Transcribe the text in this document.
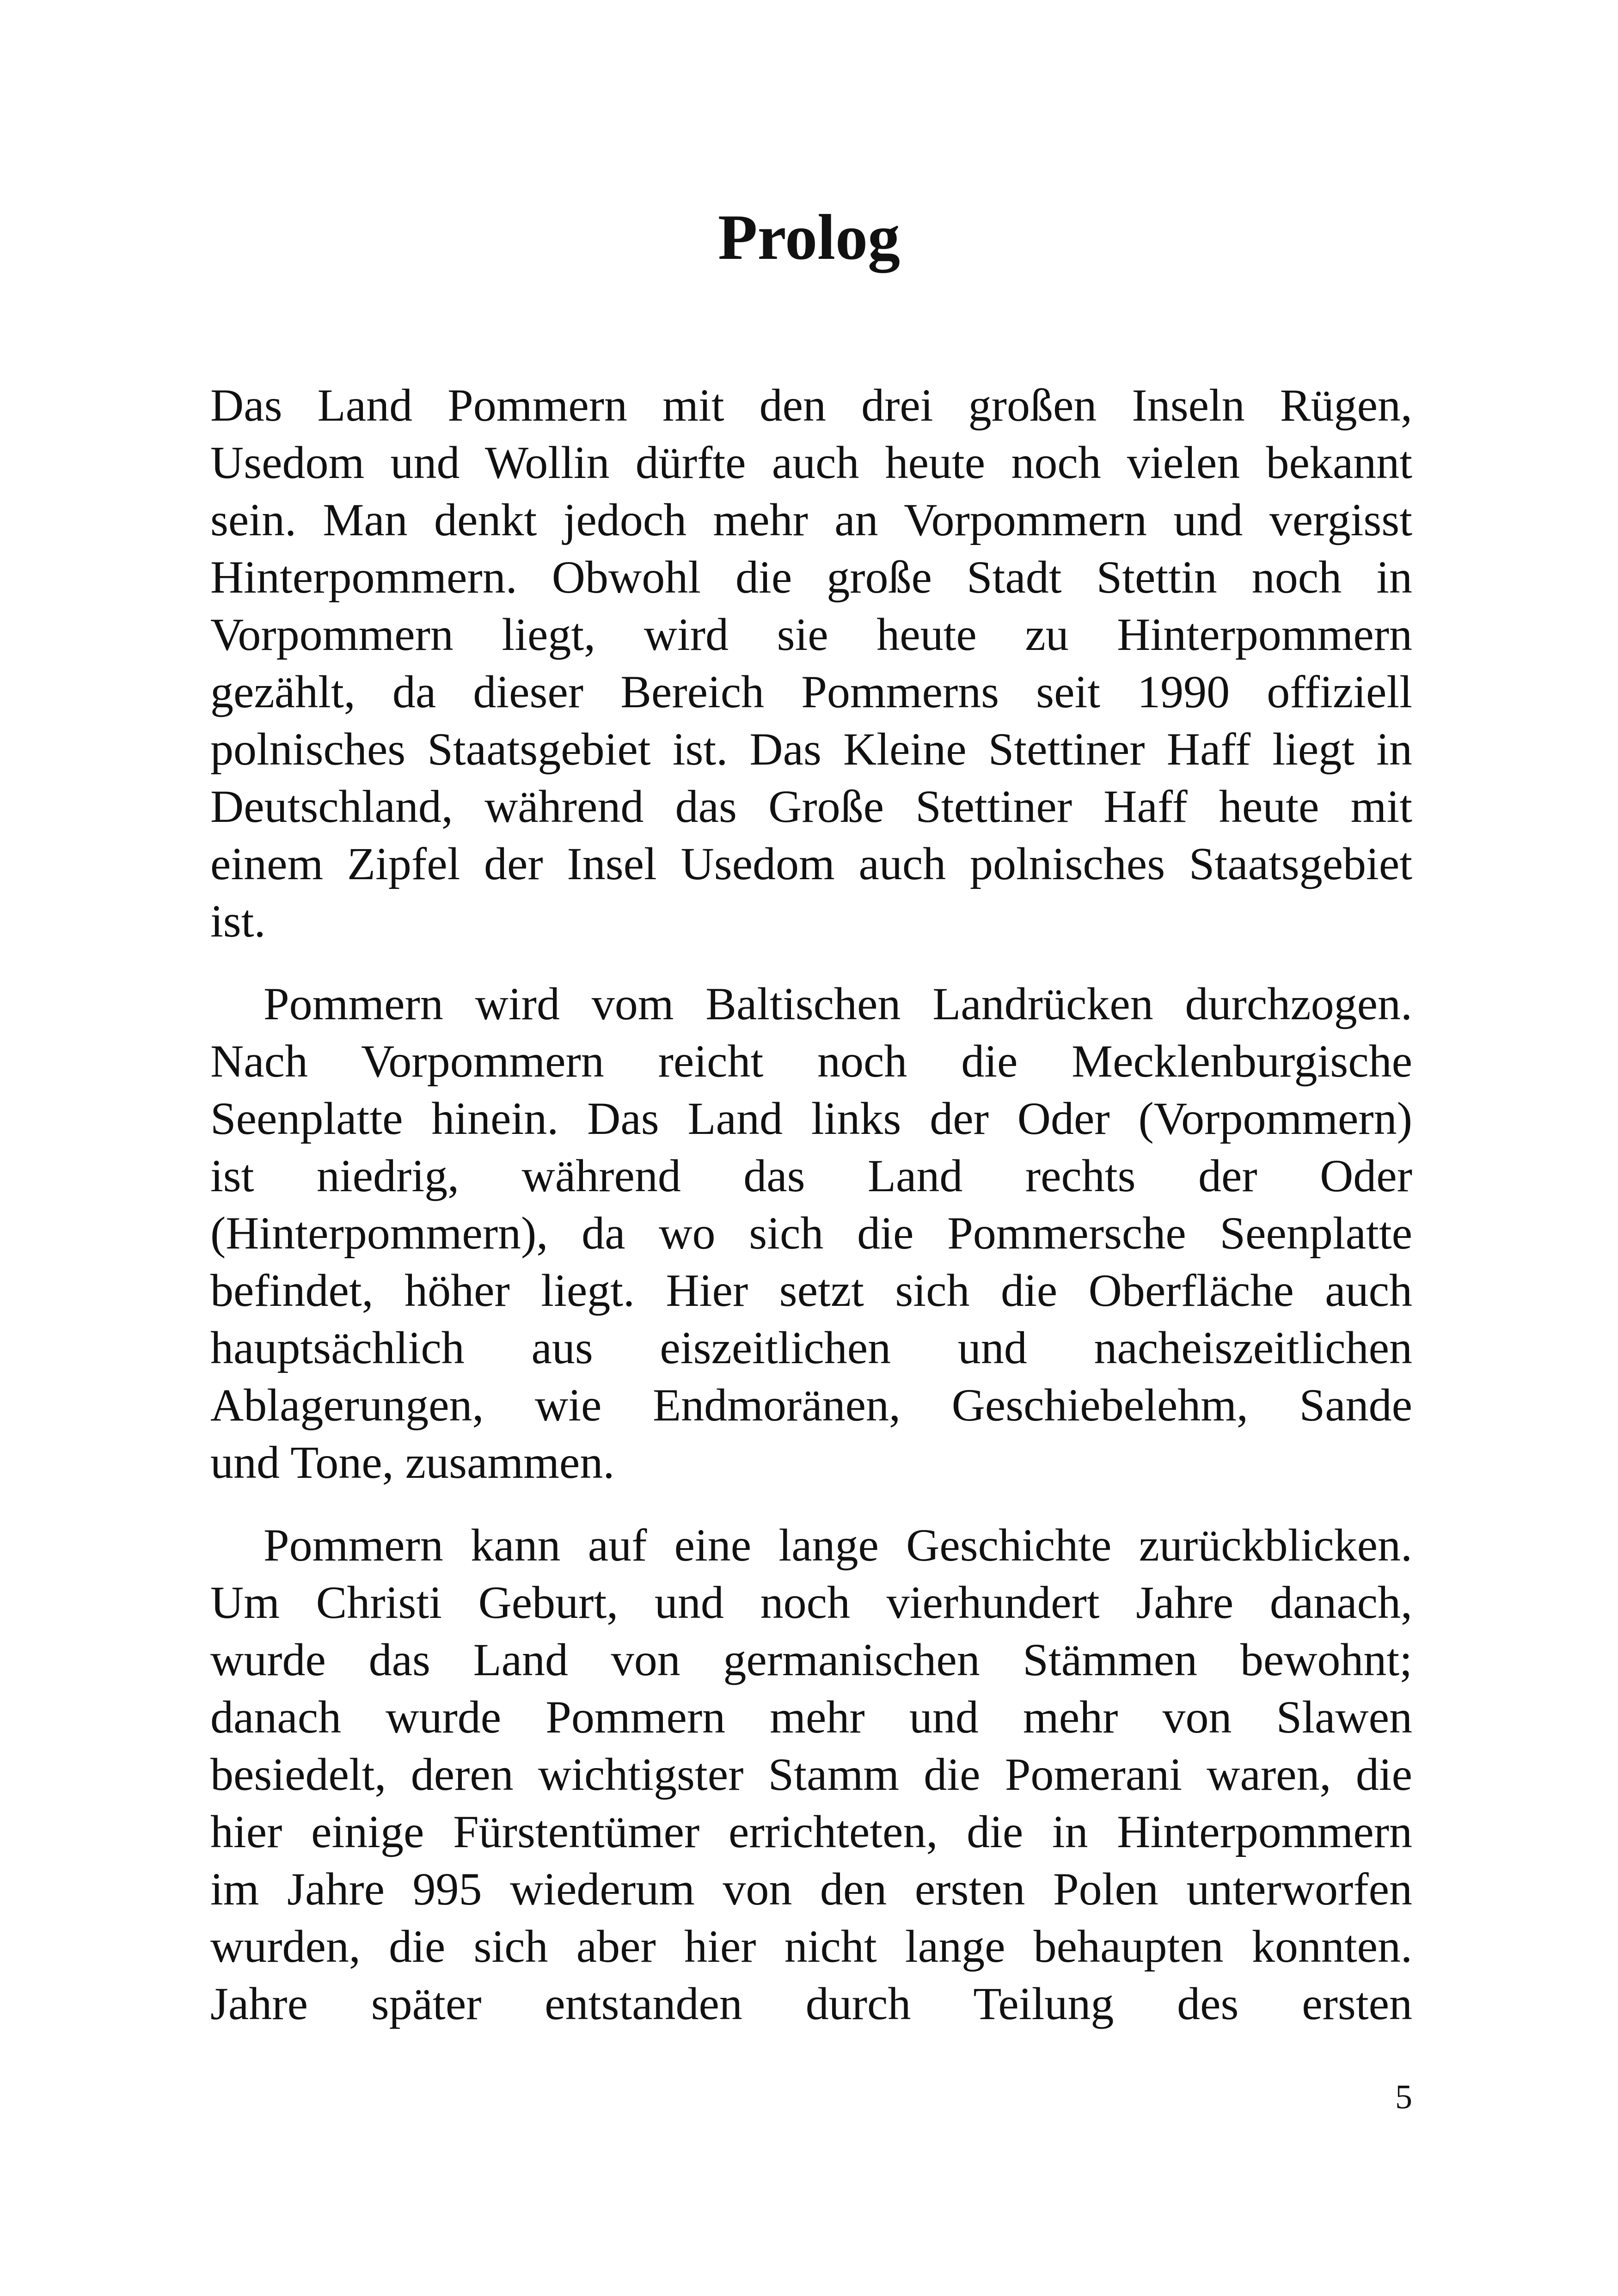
Prolog

Das Land Pommern mit den drei großen Inseln Rügen,
Usedom und Wollin dürfte auch heute noch vielen bekannt
sein. Man denkt jedoch mehr an Vorpommern und vergisst
Hinterpommern. Obwohl die große Stadt Stettin noch in
Vorpommern liegt, wird sie heute zu Hinterpommern
gezählt, da dieser Bereich Pommerns seit 1990 offiziell
polnisches Staatsgebiet ist. Das Kleine Stettiner Haff liegt in
Deutschland, während das Große Stettiner Haff heute mit
einem Zipfel der Insel Usedom auch polnisches Staatsgebiet
ist.

Pommern wird vom Baltischen Landrücken durchzogen.
Nach Vorpommern reicht noch die Mecklenburgische
Seenplatte hinein. Das Land links der Oder (Vorpommern)
ist niedrig, während das Land rechts der Oder
(Hinterpommern), da wo sich die Pommersche Seenplatte
befindet, höher liegt. Hier setzt sich die Oberfläche auch
hauptsächlich aus eiszeitlichen und nacheiszeitlichen
Ablagerungen, wie Endmoränen, Geschiebelehm, Sande
und Tone, zusammen.

Pommern kann auf eine lange Geschichte zurückblicken.
Um Christi Geburt, und noch vierhundert Jahre danach,
wurde das Land von germanischen Stämmen bewohnt;
danach wurde Pommern mehr und mehr von Slawen
besiedelt, deren wichtigster Stamm die Pomerani waren, die
hier einige Fürstentümer errichteten, die in Hinterpommern
im Jahre 995 wiederum von den ersten Polen unterworfen
wurden, die sich aber hier nicht lange behaupten konnten.
Jahre später entstanden durch Teilung des ersten

5
